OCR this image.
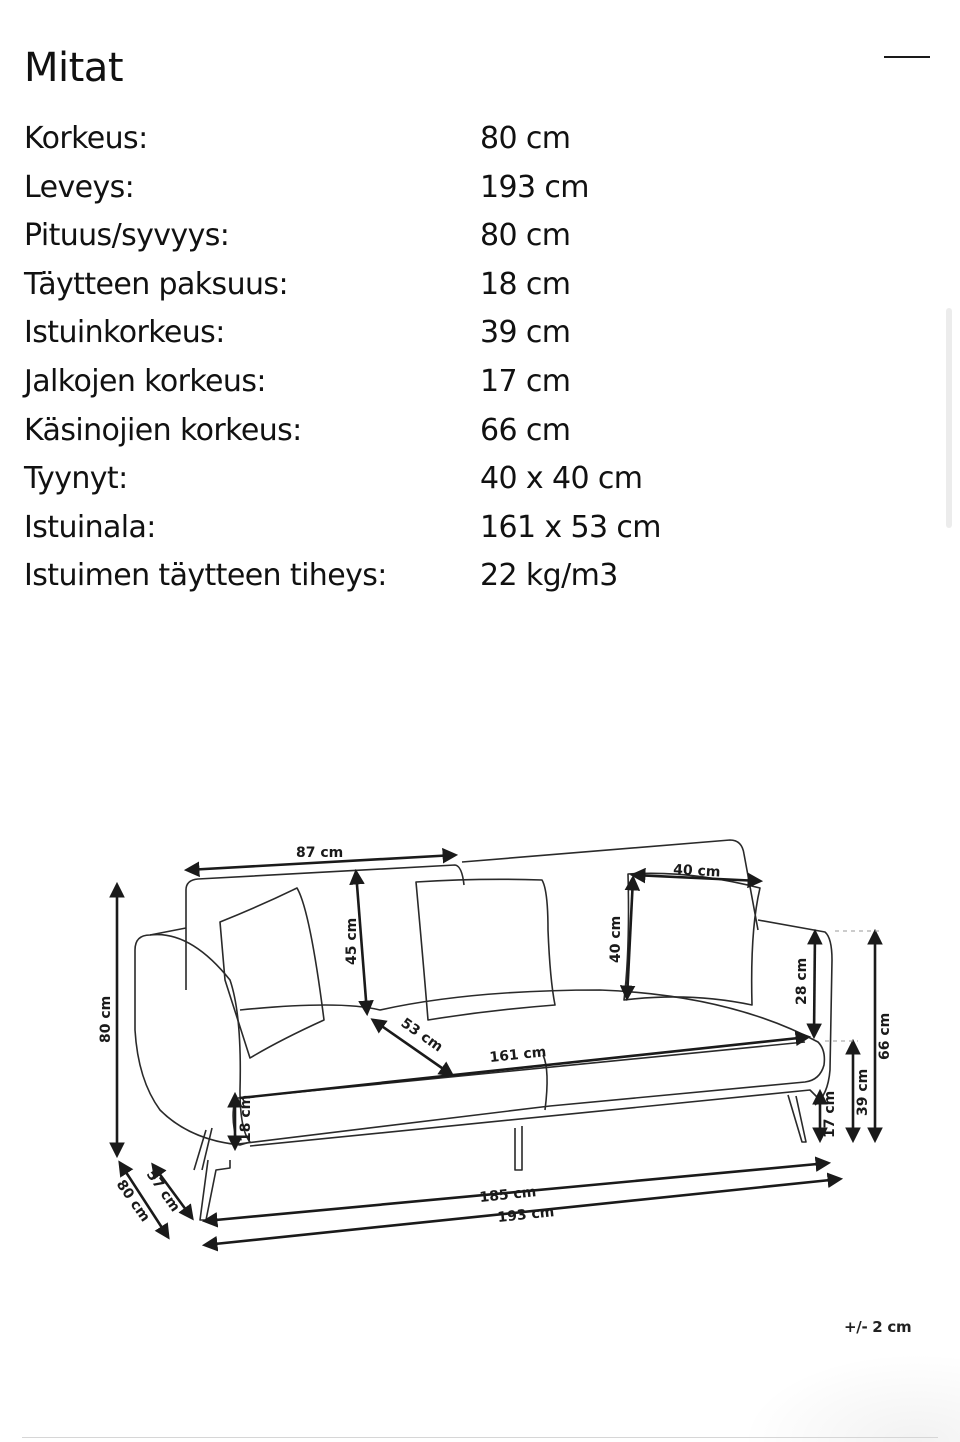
Mitat
Korkeus:	80 cm
Leveys:	193 cm
Pituus/syvyys:	80 cm
Täytteen paksuus:	18 cm
Istuinkorkeus:	39 cm
Jalkojen korkeus:	17 cm
Käsinojien korkeus:	66 cm
Tyynyt:	40 x 40 cm
Istuinala:	161 x 53 cm
Istuimen täytteen tiheys:	22 kg/m3
87 cm
45 cm
53 cm	161 cm
40 cm
40 cm
28 cm
80 cm
18 cm	17 cm 39 cm
66 cm
57 cm
80 cm	185 cm
193 cm
+/- 2 cm
